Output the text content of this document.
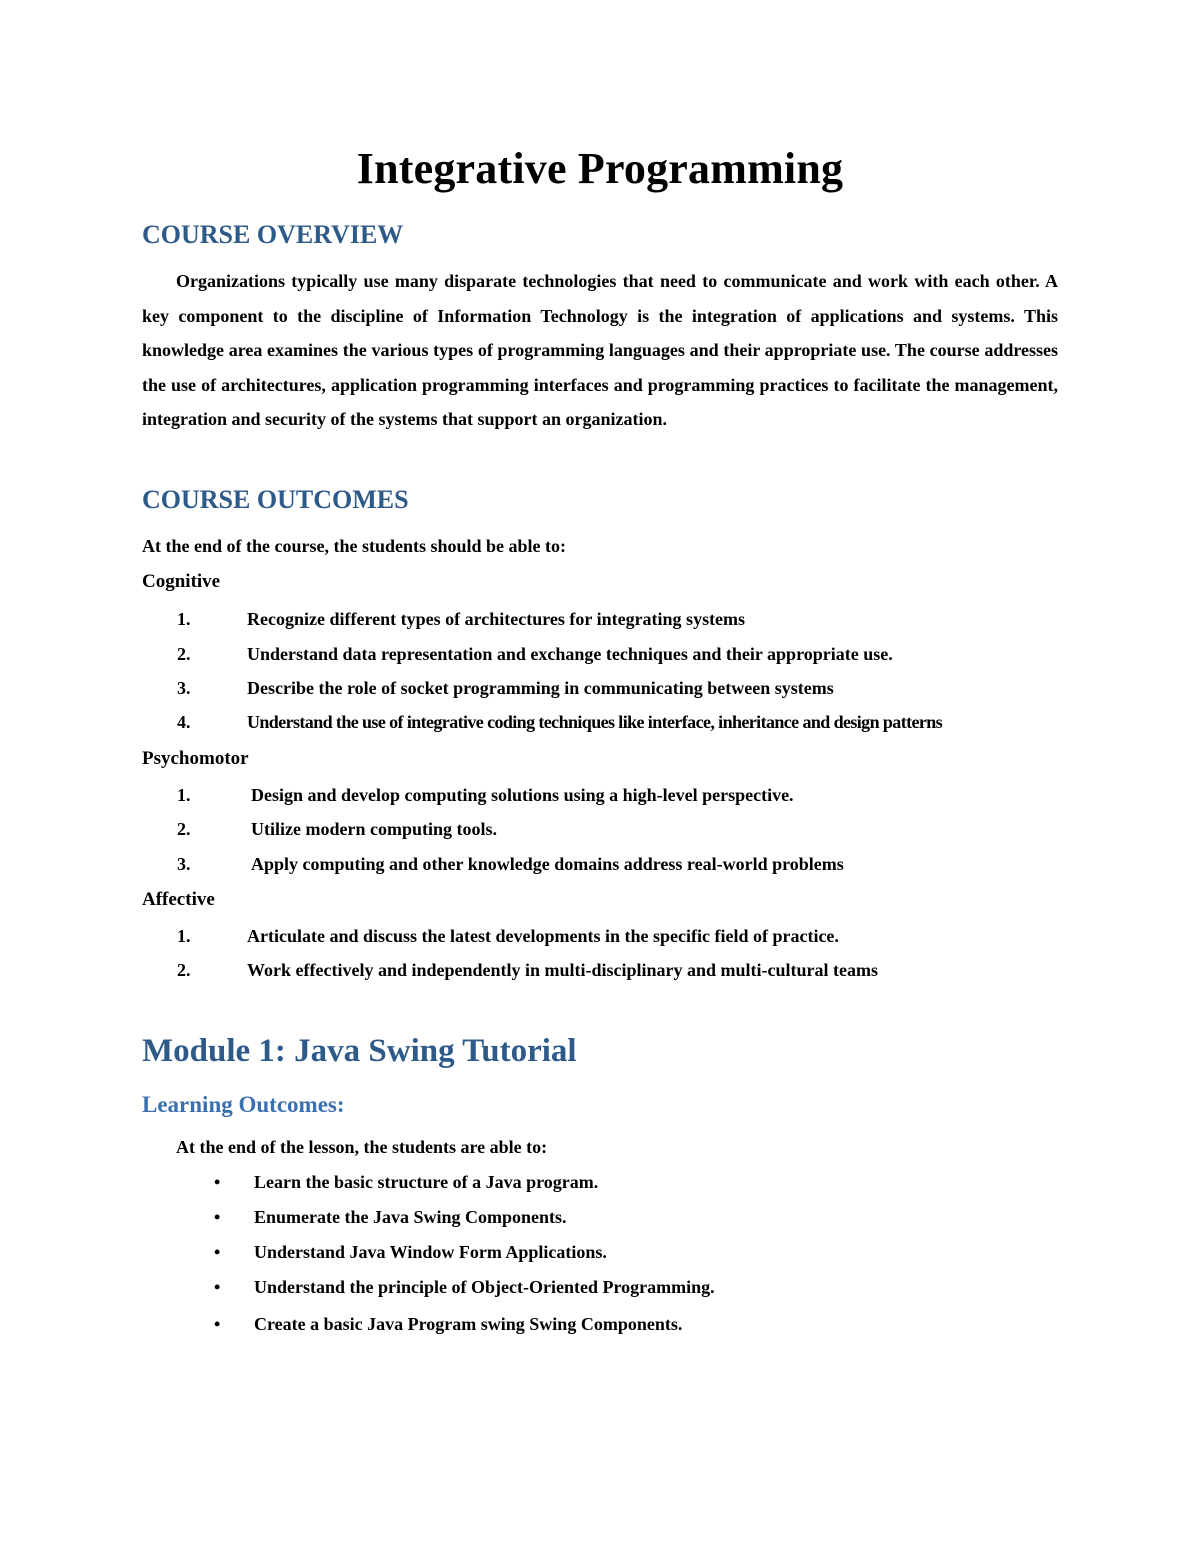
Integrative Programming
COURSE OVERVIEW

Organizations typically use many disparate technologies that need to communicate and work with each other. A key component to the discipline of Information Technology is the integration of applications and systems. This knowledge area examines the various types of programming languages and their appropriate use. The course addresses the use of architectures, application programming interfaces and programming practices to facilitate the management, integration and security of the systems that support an organization.

COURSE OUTCOMES

At the end of the course, the students should be able to:

Cognitive

1.	Recognize different types of architectures for integrating systems
2.	Understand data representation and exchange techniques and their appropriate use.
3.	Describe the role of socket programming in communicating between systems
4.	Understand the use of integrative coding techniques like interface, inheritance and design patterns

Psychomotor

1.	Design and develop computing solutions using a high-level perspective.
2.	Utilize modern computing tools.
3.	Apply computing and other knowledge domains address real-world problems

Affective

1.	Articulate and discuss the latest developments in the specific field of practice.
2.	Work effectively and independently in multi-disciplinary and multi-cultural teams
Module 1: Java Swing Tutorial
Learning Outcomes:

At the end of the lesson, the students are able to:

• Learn the basic structure of a Java program.
• Enumerate the Java Swing Components.
• Understand Java Window Form Applications.
• Understand the principle of Object-Oriented Programming.
• Create a basic Java Program swing Swing Components.
